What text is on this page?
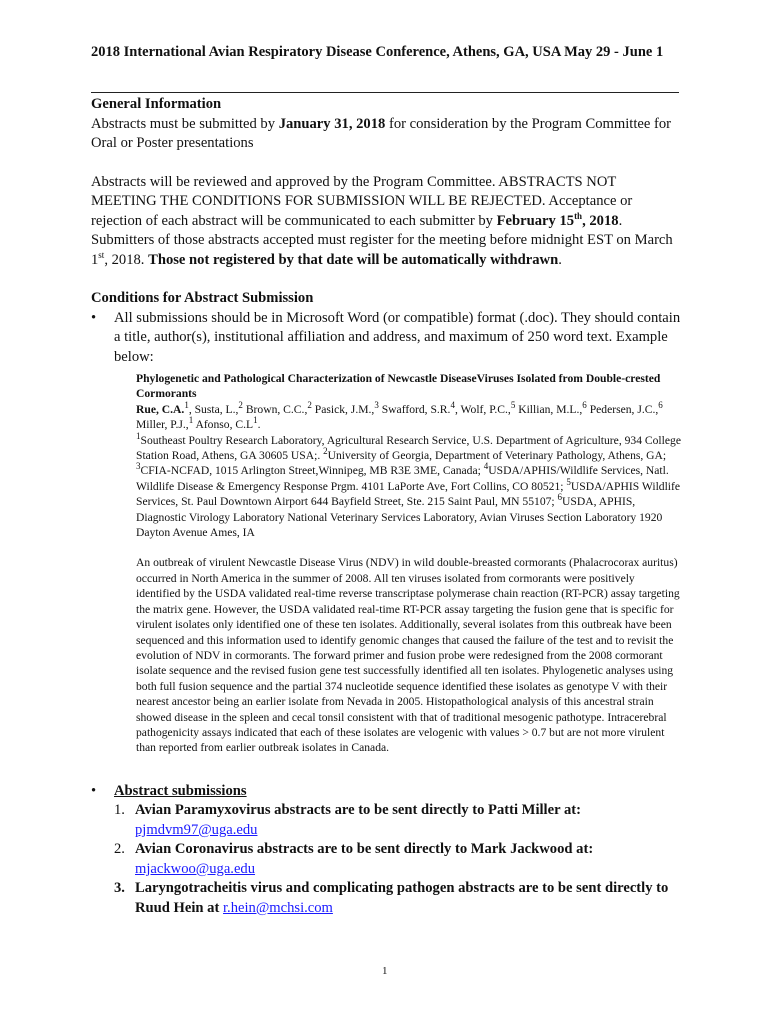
2018 International Avian Respiratory Disease Conference, Athens, GA, USA May 29 - June 1

General Information

Abstracts must be submitted by January 31, 2018 for consideration by the Program Committee for Oral or Poster presentations

Abstracts will be reviewed and approved by the Program Committee. ABSTRACTS NOT MEETING THE CONDITIONS FOR SUBMISSION WILL BE REJECTED. Acceptance or rejection of each abstract will be communicated to each submitter by February 15th, 2018. Submitters of those abstracts accepted must register for the meeting before midnight EST on March 1st, 2018. Those not registered by that date will be automatically withdrawn.

Conditions for Abstract Submission

• All submissions should be in Microsoft Word (or compatible) format (.doc). They should contain a title, author(s), institutional affiliation and address, and maximum of 250 word text. Example below:
Phylogenetic and Pathological Characterization of Newcastle DiseaseViruses Isolated from Double-crested Cormorants
Rue, C.A.$^1$, Susta, L.,$^2$ Brown, C.C.,$^2$ Pasick, J.M.,$^3$ Swafford, S.R.$^4$, Wolf, P.C.,$^5$ Killian, M.L.,$^6$ Pedersen, J.C.,$^6$ Miller, P.J.,$^1$ Afonso, $C.L^1$.
$^1$Southeast Poultry Research Laboratory, Agricultural Research Service, U.S. Department of Agriculture, 934 College Station Road, Athens, GA 30605 USA;. $^2$University of Georgia, Department of Veterinary Pathology, Athens, GA; $^3$CFIA-NCFAD, 1015 Arlington Street,Winnipeg, MB R3E 3ME, Canada; $^4$USDA/APHIS/Wildlife Services, Natl. Wildlife Disease & Emergency Response Prgm. 4101 LaPorte Ave, Fort Collins, CO 80521; $^5$USDA/APHIS Wildlife Services, St. Paul Downtown Airport 644 Bayfield Street, Ste. 215 Saint Paul, MN 55107; $^6$USDA, APHIS, Diagnostic Virology Laboratory National Veterinary Services Laboratory, Avian Viruses Section Laboratory 1920 Dayton Avenue Ames, IA
An outbreak of virulent Newcastle Disease Virus (NDV) in wild double-breasted cormorants (Phalacrocorax auritus) occurred in North America in the summer of 2008. All ten viruses isolated from cormorants were positively identified by the USDA validated real-time reverse transcriptase polymerase chain reaction (RT-PCR) assay targeting the matrix gene. However, the USDA validated real-time RT-PCR assay targeting the fusion gene that is specific for virulent isolates only identified one of these ten isolates. Additionally, several isolates from this outbreak have been sequenced and this information used to identify genomic changes that caused the failure of the test and to revisit the evolution of NDV in cormorants. The forward primer and fusion probe were redesigned from the 2008 cormorant isolate sequence and the revised fusion gene test successfully identified all ten isolates. Phylogenetic analyses using both full fusion sequence and the partial 374 nucleotide sequence identified these isolates as genotype V with their nearest ancestor being an earlier isolate from Nevada in 2005. Histopathological analysis of this ancestral strain showed disease in the spleen and cecal tonsil consistent with that of traditional mesogenic pathotype. Intracerebral pathogenicity assays indicated that each of these isolates are velogenic with values > 0.7 but are not more virulent than reported from earlier outbreak isolates in Canada.
• Abstract submissions
1. Avian Paramyxovirus abstracts are to be sent directly to Patti Miller at:
pjmdvm97@uga.edu
2. Avian Coronavirus abstracts are to be sent directly to Mark Jackwood at:
mjackwoo@uga.edu
3. Laryngotracheitis virus and complicating pathogen abstracts are to be sent directly to Ruud Hein at r.hein@mchsi.com
1
